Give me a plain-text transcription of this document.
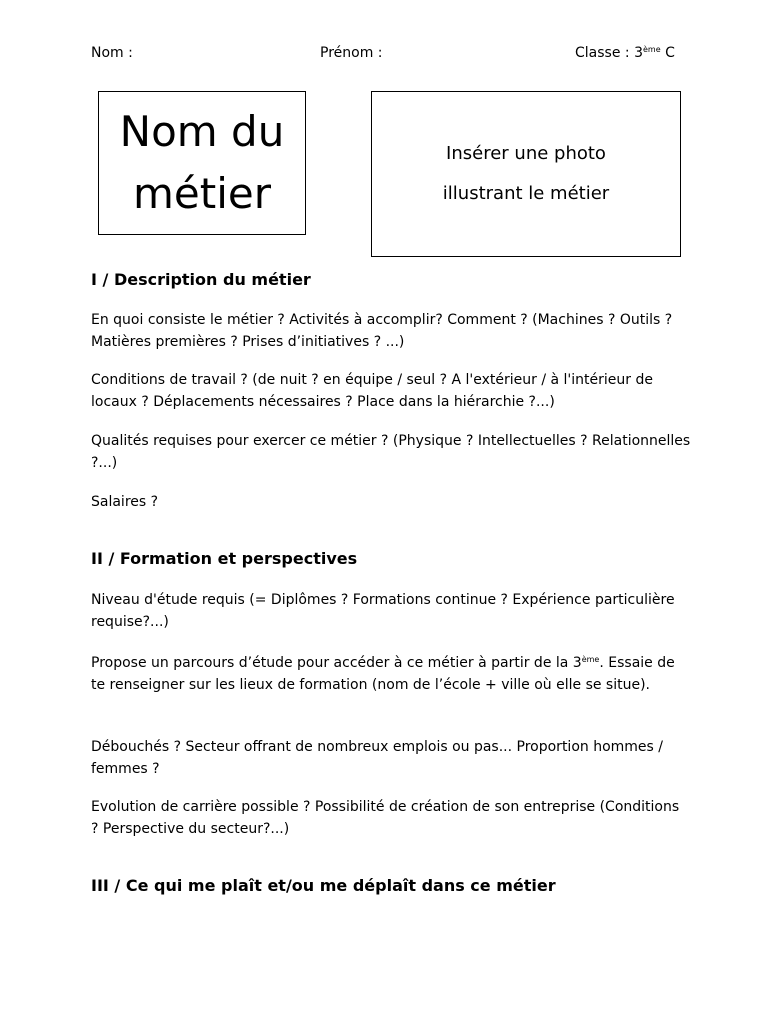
Nom :	Prénom :	Classe : 3ème C
Nom du
métier
Insérer une photo
illustrant le métier
I / Description du métier
En quoi consiste le métier ? Activités à accomplir? Comment ? (Machines ? Outils ? Matières premières ? Prises d’initiatives ? ...)
Conditions de travail ? (de nuit ? en équipe / seul ? A l'extérieur / à l'intérieur de locaux ? Déplacements nécessaires ? Place dans la hiérarchie ?...)
Qualités requises pour exercer ce métier ? (Physique ? Intellectuelles ? Relationnelles ?...)
Salaires ?
II / Formation et perspectives
Niveau d'étude requis (= Diplômes ? Formations continue ? Expérience particulière requise?...)
Propose un parcours d’étude pour accéder à ce métier à partir de la 3ème. Essaie de te renseigner sur les lieux de formation (nom de l’école + ville où elle se situe).
Débouchés ? Secteur offrant de nombreux emplois ou pas... Proportion hommes / femmes ?
Evolution de carrière possible ? Possibilité de création de son entreprise (Conditions ? Perspective du secteur?...)
III / Ce qui me plaît et/ou me déplaît dans ce métier
